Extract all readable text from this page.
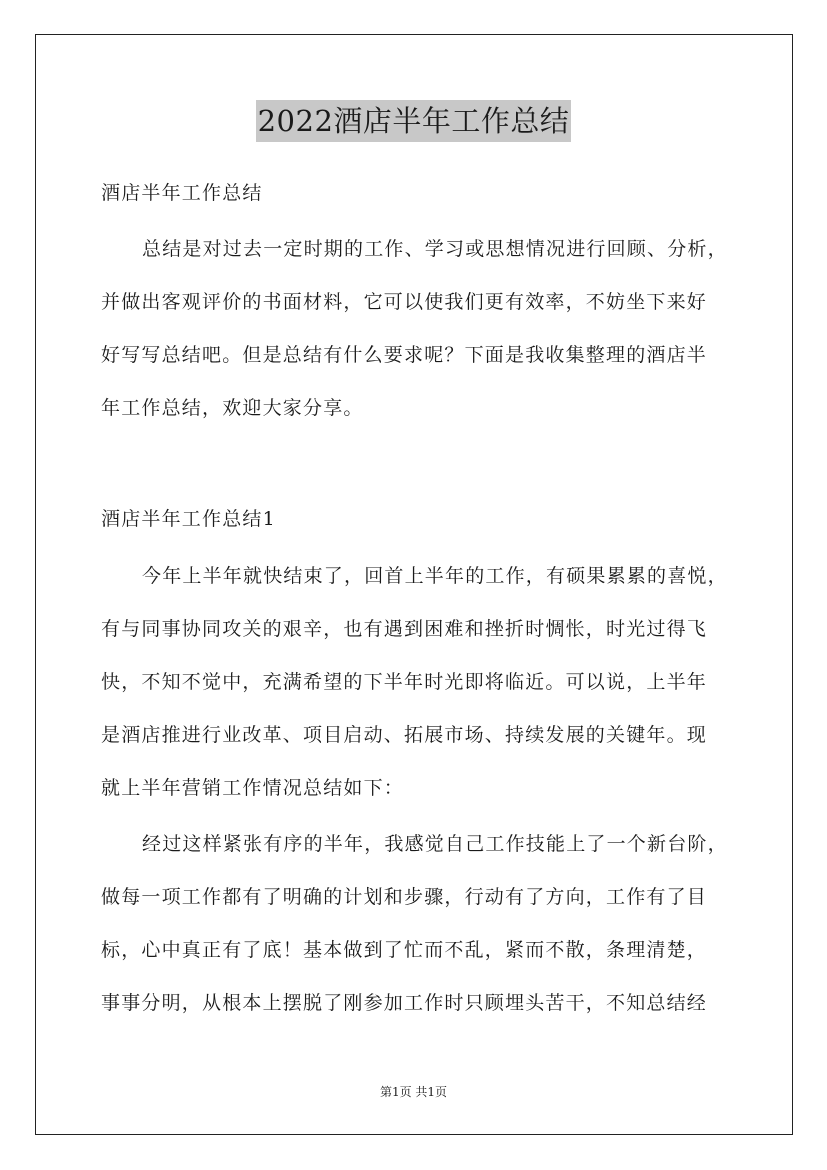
2022酒店半年工作总结
酒店半年工作总结
总结是对过去一定时期的工作、学习或思想情况进行回顾、分析，
并做出客观评价的书面材料，它可以使我们更有效率，不妨坐下来好
好写写总结吧。但是总结有什么要求呢？下面是我收集整理的酒店半
年工作总结，欢迎大家分享。
酒店半年工作总结1
今年上半年就快结束了，回首上半年的工作，有硕果累累的喜悦，
有与同事协同攻关的艰辛，也有遇到困难和挫折时惆怅，时光过得飞
快，不知不觉中，充满希望的下半年时光即将临近。可以说，上半年
是酒店推进行业改革、项目启动、拓展市场、持续发展的关键年。现
就上半年营销工作情况总结如下：
经过这样紧张有序的半年，我感觉自己工作技能上了一个新台阶，
做每一项工作都有了明确的计划和步骤，行动有了方向，工作有了目
标，心中真正有了底！基本做到了忙而不乱，紧而不散，条理清楚，
事事分明，从根本上摆脱了刚参加工作时只顾埋头苦干，不知总结经
第1页 共1页
